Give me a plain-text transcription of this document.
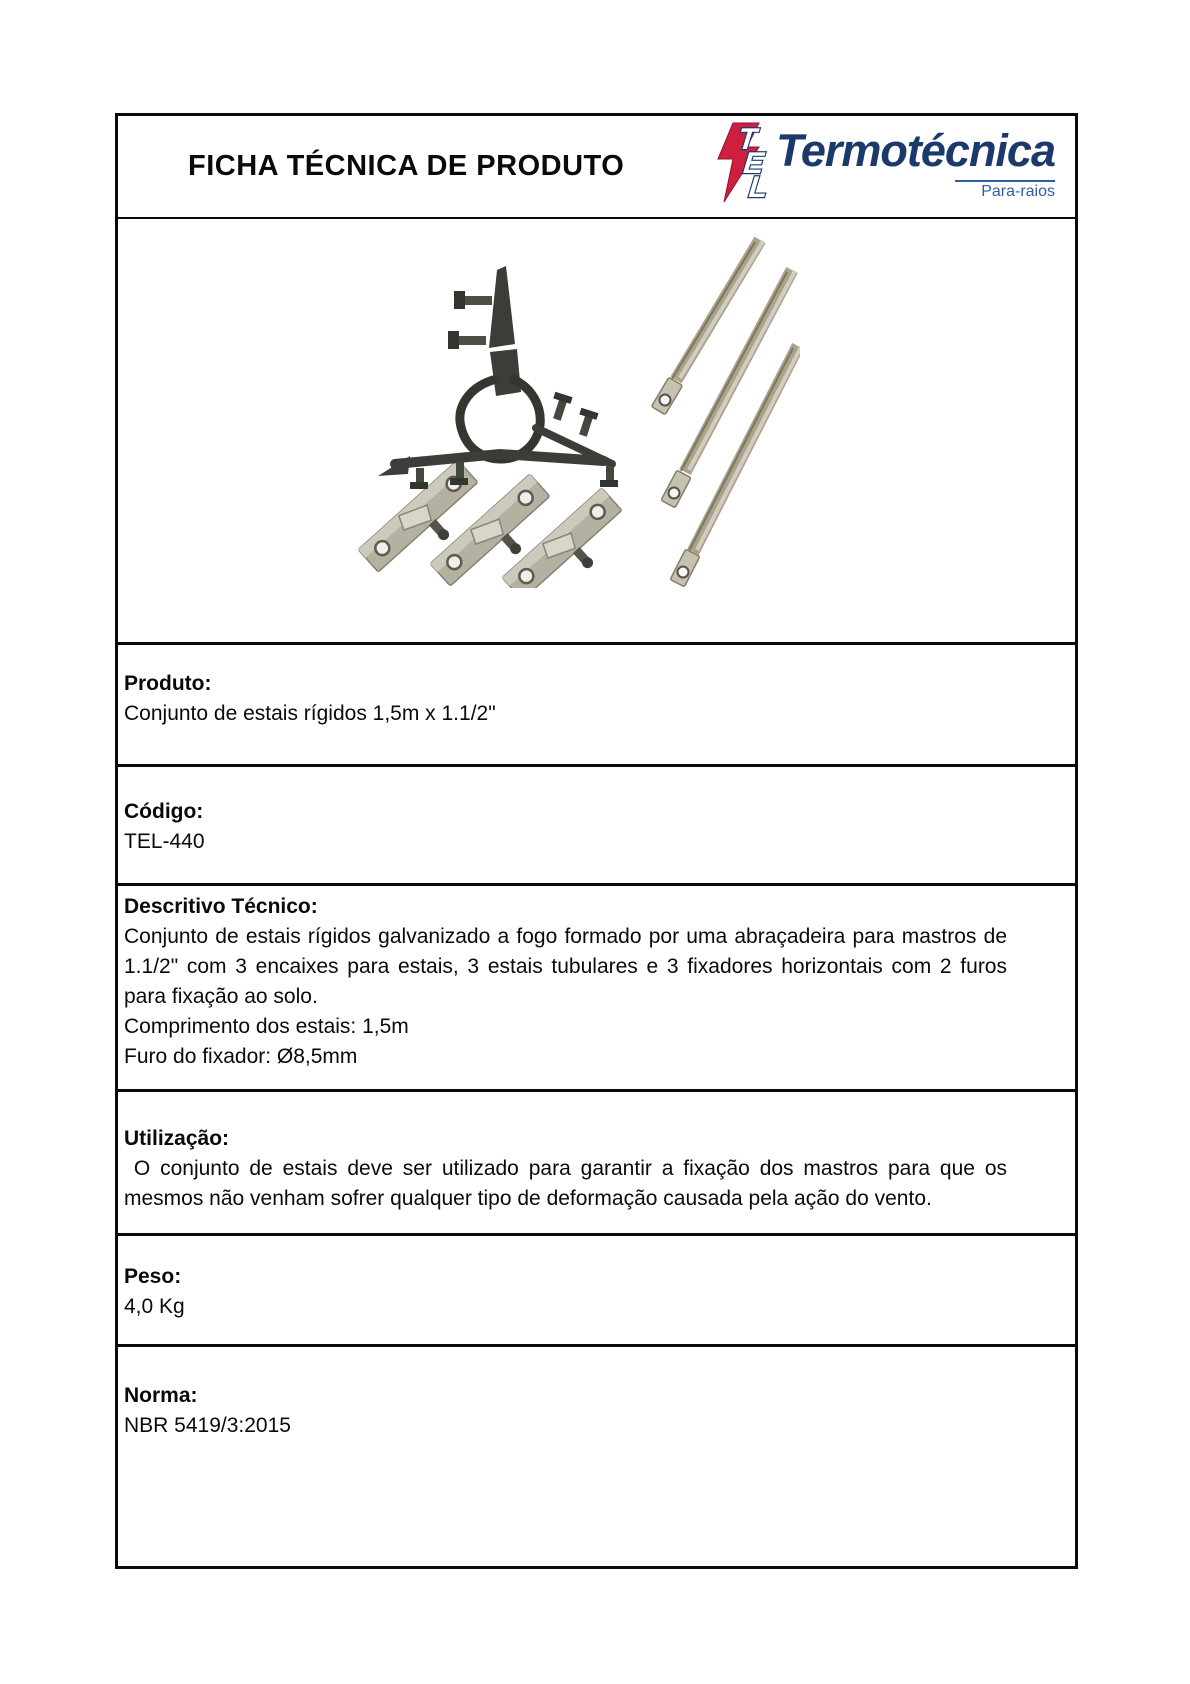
FICHA TÉCNICA DE PRODUTO
T
E
L
Termotécnica
Para-raios
Produto:
Conjunto de estais rígidos 1,5m x 1.1/2"
Código:
TEL-440
Descritivo Técnico:

Conjunto de estais rígidos galvanizado a fogo formado por uma abraçadeira para mastros de 1.1/2" com 3 encaixes para estais, 3 estais tubulares e 3 fixadores horizontais com 2 furos para fixação ao solo.

Comprimento dos estais: 1,5m
Furo do fixador: Ø8,5mm
Utilização:

O conjunto de estais deve ser utilizado para garantir a fixação dos mastros para que os mesmos não venham sofrer qualquer tipo de deformação causada pela ação do vento.

Peso:
4,0 Kg
Norma:
NBR 5419/3:2015
